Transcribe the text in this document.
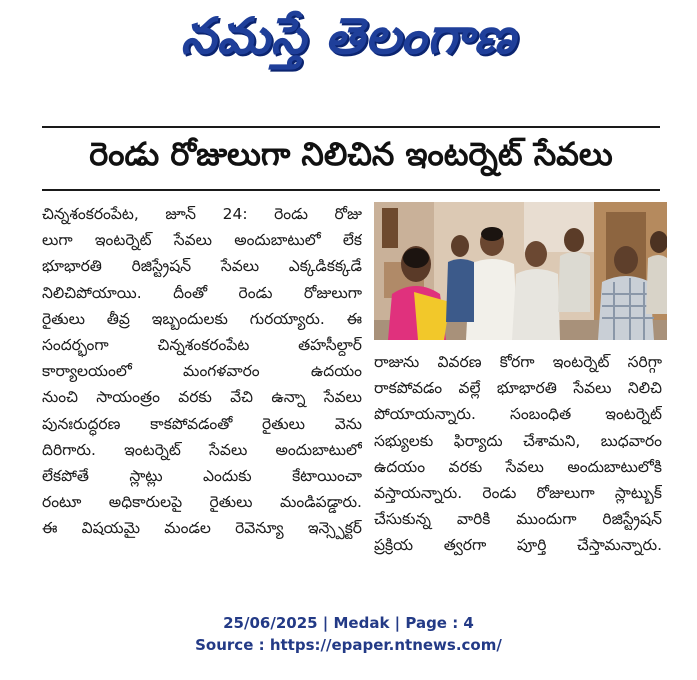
నమస్తే తెలంగాణ
రెండు రోజులుగా నిలిచిన ఇంటర్నెట్ సేవలు
చిన్నశంకరంపేట, జూన్ 24: రెండు రోజు
లుగా ఇంటర్నెట్ సేవలు అందుబాటులో లేక
భూభారతి రిజిస్ట్రేషన్ సేవలు ఎక్కడికక్కడే
నిలిచిపోయాయి. దీంతో రెండు రోజులుగా
రైతులు తీవ్ర ఇబ్బందులకు గురయ్యారు. ఈ
సందర్భంగా చిన్నశంకరంపేట తహసీల్దార్
కార్యాలయంలో మంగళవారం ఉదయం
నుంచి సాయంత్రం వరకు వేచి ఉన్నా సేవలు
పునఃరుద్ధరణ కాకపోవడంతో రైతులు వెను
దిరిగారు. ఇంటర్నెట్ సేవలు అందుబాటులో
లేకపోతే స్లాట్లు ఎందుకు కేటాయించా
రంటూ అధికారులపై రైతులు మండిపడ్డారు.
ఈ విషయమై మండల రెవెన్యూ ఇన్స్పెక్టర్
రాజును వివరణ కోరగా ఇంటర్నెట్ సరిగ్గా
రాకపోవడం వల్లే భూభారతి సేవలు నిలిచి
పోయాయన్నారు. సంబంధిత ఇంటర్నెట్
సభ్యులకు ఫిర్యాదు చేశామని, బుధవారం
ఉదయం వరకు సేవలు అందుబాటులోకి
వస్తాయన్నారు. రెండు రోజులుగా స్లాట్బుక్
చేసుకున్న వారికి ముందుగా రిజిస్ట్రేషన్
ప్రక్రియ త్వరగా పూర్తి చేస్తామన్నారు.
25/06/2025 | Medak | Page : 4
Source : https://epaper.ntnews.com/
